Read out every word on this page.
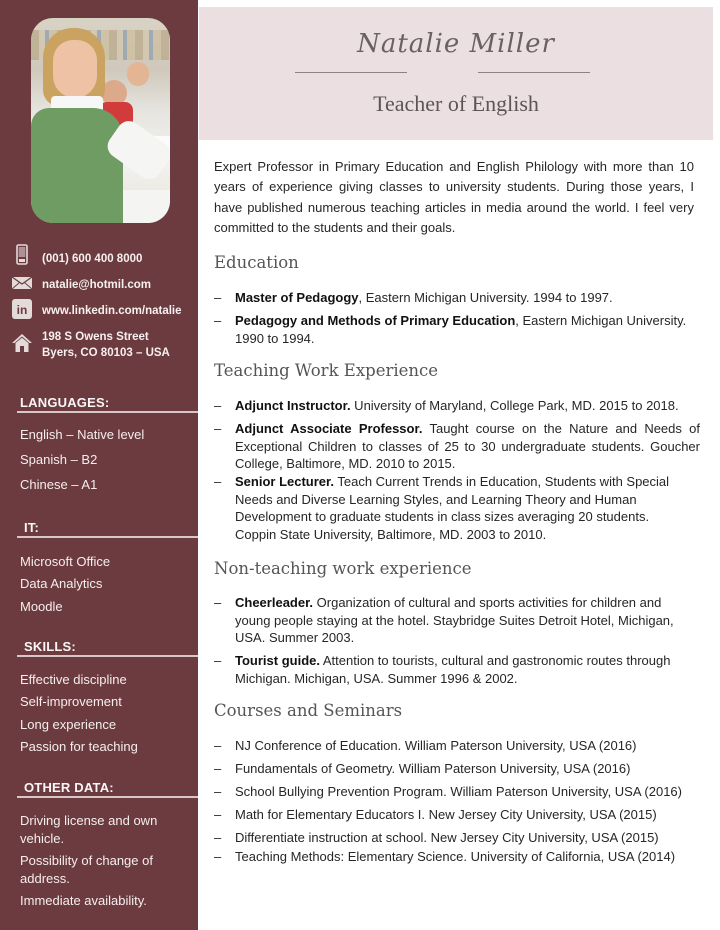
(001) 600 400 8000
natalie@hotmil.com
in www.linkedin.com/natalie
198 S Owens Street
Byers, CO 80103 – USA
LANGUAGES:
English – Native level
Spanish – B2
Chinese – A1
IT:
Microsoft Office
Data Analytics
Moodle
SKILLS:
Effective discipline
Self-improvement
Long experience
Passion for teaching
OTHER DATA:
Driving license and own vehicle.
Possibility of change of address.
Immediate availability.
Natalie Miller
Teacher of English
Expert Professor in Primary Education and English Philology with more than 10 years of experience giving classes to university students. During those years, I have published numerous teaching articles in media around the world. I feel very committed to the students and their goals.
Education
– Master of Pedagogy, Eastern Michigan University. 1994 to 1997.
– Pedagogy and Methods of Primary Education, Eastern Michigan University. 1990 to 1994.
Teaching Work Experience
– Adjunct Instructor. University of Maryland, College Park, MD. 2015 to 2018.
– Adjunct Associate Professor. Taught course on the Nature and Needs of Exceptional Children to classes of 25 to 30 undergraduate students. Goucher College, Baltimore, MD. 2010 to 2015.
– Senior Lecturer. Teach Current Trends in Education, Students with Special Needs and Diverse Learning Styles, and Learning Theory and Human Development to graduate students in class sizes averaging 20 students. Coppin State University, Baltimore, MD. 2003 to 2010.
Non-teaching work experience
– Cheerleader. Organization of cultural and sports activities for children and young people staying at the hotel. Staybridge Suites Detroit Hotel, Michigan, USA. Summer 2003.
– Tourist guide. Attention to tourists, cultural and gastronomic routes through Michigan. Michigan, USA. Summer 1996 & 2002.
Courses and Seminars
– NJ Conference of Education. William Paterson University, USA (2016)
– Fundamentals of Geometry. William Paterson University, USA (2016)
– School Bullying Prevention Program. William Paterson University, USA (2016)
– Math for Elementary Educators I. New Jersey City University, USA (2015)
– Differentiate instruction at school. New Jersey City University, USA (2015)
– Teaching Methods: Elementary Science. University of California, USA (2014)
